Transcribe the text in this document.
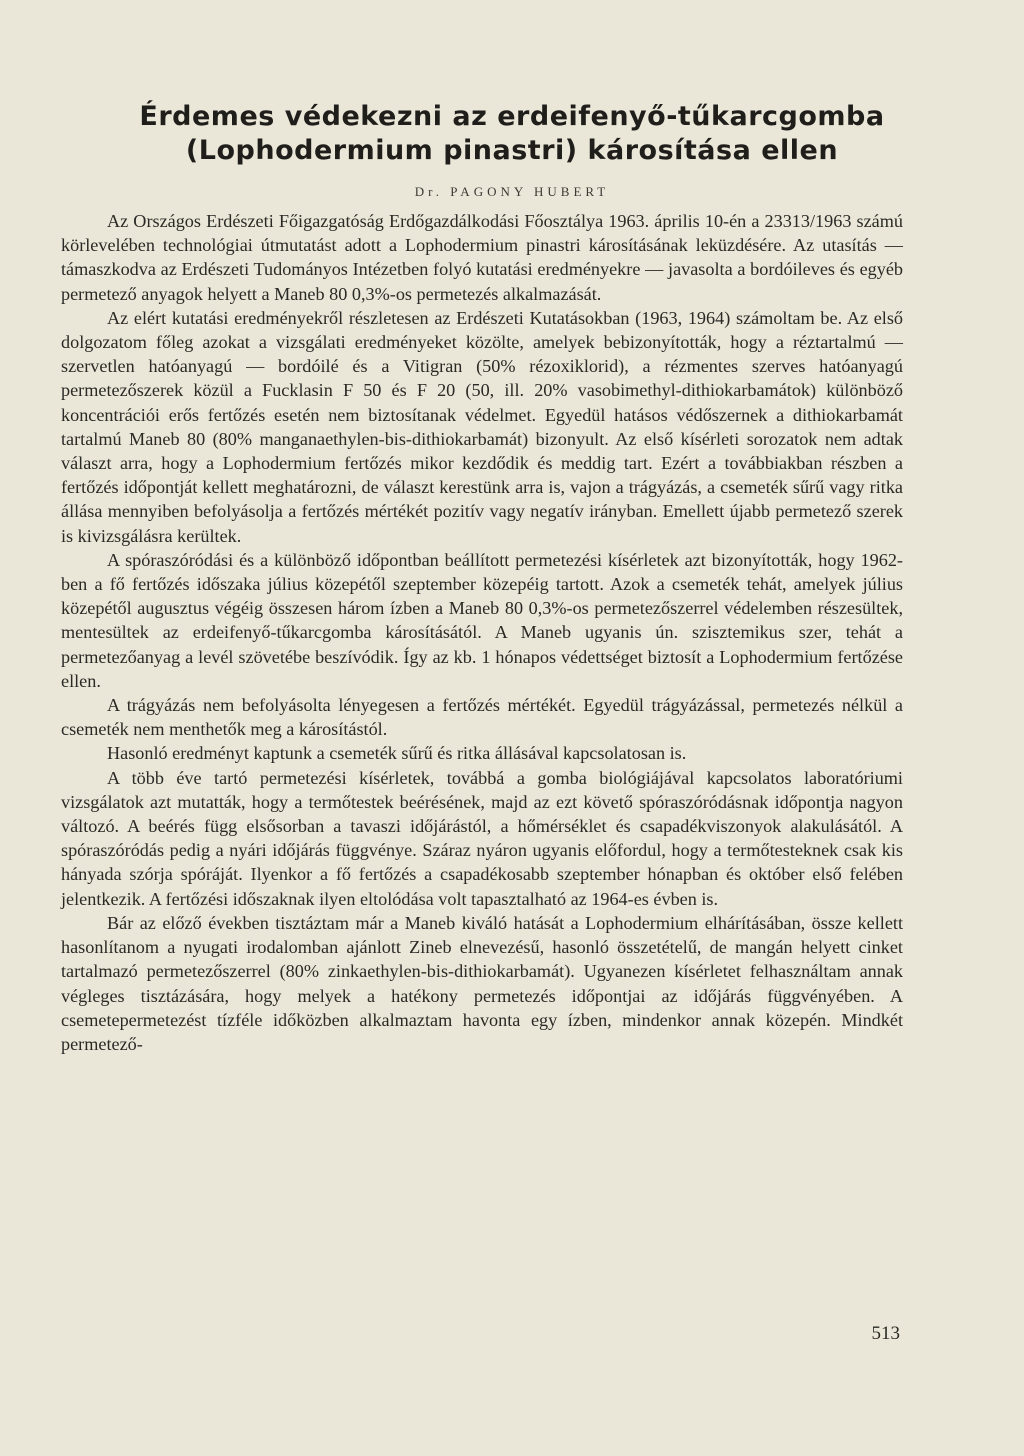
Érdemes védekezni az erdeifenyő-tűkarcgomba
(Lophodermium pinastri) károsítása ellen
Dr. PAGONY HUBERT

Az Országos Erdészeti Főigazgatóság Erdőgazdálkodási Főosztálya 1963. április 10-én a 23313/1963 számú körlevelében technológiai útmutatást adott a Lophodermium pinastri károsításának leküzdésére. Az utasítás — támaszkodva az Erdészeti Tudományos Intézetben folyó kutatási eredményekre — javasolta a bordóileves és egyéb permetező anyagok helyett a Maneb 80 0,3%-os permetezés alkalmazását.

Az elért kutatási eredményekről részletesen az Erdészeti Kutatásokban (1963, 1964) számoltam be. Az első dolgozatom főleg azokat a vizsgálati eredményeket közölte, amelyek bebizonyították, hogy a réztartalmú — szervetlen hatóanyagú — bordóilé és a Vitigran (50% rézoxiklorid), a rézmentes szerves hatóanyagú permetezőszerek közül a Fucklasin F 50 és F 20 (50, ill. 20% vasobimethyl-dithiokarbamátok) különböző koncentrációi erős fertőzés esetén nem biztosítanak védelmet. Egyedül hatásos védőszernek a dithiokarbamát tartalmú Maneb 80 (80% manganaethylen-bis-dithiokarbamát) bizonyult. Az első kísérleti sorozatok nem adtak választ arra, hogy a Lophodermium fertőzés mikor kezdődik és meddig tart. Ezért a továbbiakban részben a fertőzés időpontját kellett meghatározni, de választ kerestünk arra is, vajon a trágyázás, a csemeték sűrű vagy ritka állása mennyiben befolyásolja a fertőzés mértékét pozitív vagy negatív irányban. Emellett újabb permetező szerek is kivizsgálásra kerültek.

A spóraszóródási és a különböző időpontban beállított permetezési kísérletek azt bizonyították, hogy 1962-ben a fő fertőzés időszaka július közepétől szeptember közepéig tartott. Azok a csemeték tehát, amelyek július közepétől augusztus végéig összesen három ízben a Maneb 80 0,3%-os permetezőszerrel védelemben részesültek, mentesültek az erdeifenyő-tűkarcgomba károsításától. A Maneb ugyanis ún. szisztemikus szer, tehát a permetezőanyag a levél szövetébe beszívódik. Így az kb. 1 hónapos védettséget biztosít a Lophodermium fertőzése ellen.

A trágyázás nem befolyásolta lényegesen a fertőzés mértékét. Egyedül trágyázással, permetezés nélkül a csemeték nem menthetők meg a károsítástól.

Hasonló eredményt kaptunk a csemeték sűrű és ritka állásával kapcsolatosan is.

A több éve tartó permetezési kísérletek, továbbá a gomba biológiájával kapcsolatos laboratóriumi vizsgálatok azt mutatták, hogy a termőtestek beérésének, majd az ezt követő spóraszóródásnak időpontja nagyon változó. A beérés függ elsősorban a tavaszi időjárástól, a hőmérséklet és csapadékviszonyok alakulásától. A spóraszóródás pedig a nyári időjárás függvénye. Száraz nyáron ugyanis előfordul, hogy a termőtesteknek csak kis hányada szórja spóráját. Ilyenkor a fő fertőzés a csapadékosabb szeptember hónapban és október első felében jelentkezik. A fertőzési időszaknak ilyen eltolódása volt tapasztalható az 1964-es évben is.

Bár az előző években tisztáztam már a Maneb kiváló hatását a Lophodermium elhárításában, össze kellett hasonlítanom a nyugati irodalomban ajánlott Zineb elnevezésű, hasonló összetételű, de mangán helyett cinket tartalmazó permetezőszerrel (80% zinkaethylen-bis-dithiokarbamát). Ugyanezen kísérletet felhasználtam annak végleges tisztázására, hogy melyek a hatékony permetezés időpontjai az időjárás függvényében. A csemetepermetezést tízféle időközben alkalmaztam havonta egy ízben, mindenkor annak közepén. Mindkét permetező-

513
